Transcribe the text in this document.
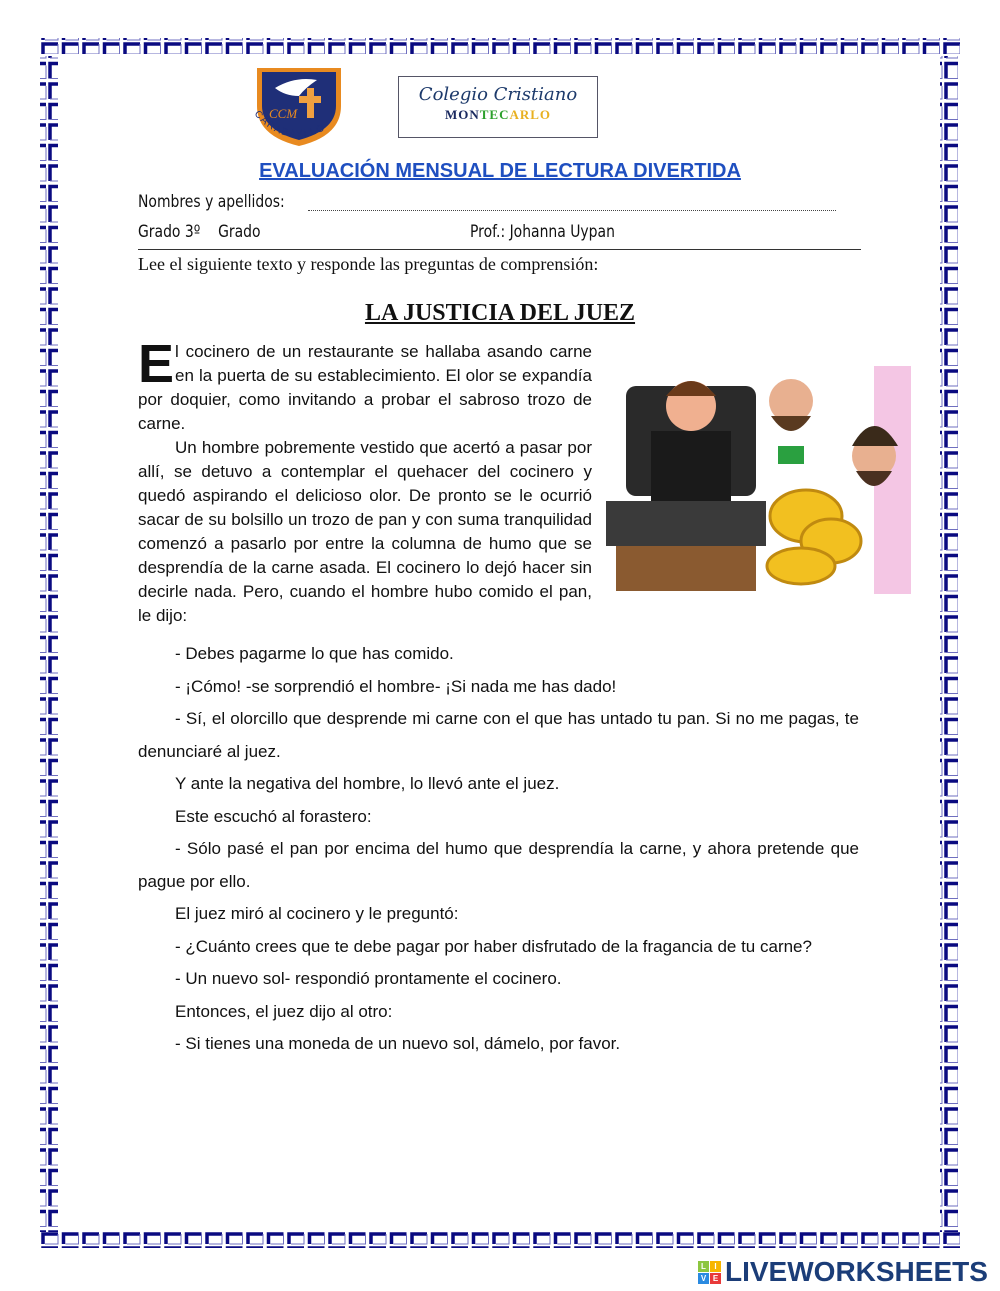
CCM
CARABAYLLO
Colegio Cristiano
MONTECARLO
EVALUACIÓN MENSUAL DE LECTURA DIVERTIDA
Nombres y apellidos:
Grado 3º Grado	Prof.: Johanna Uypan
Lee el siguiente texto y responde las preguntas de comprensión:
LA JUSTICIA DEL JUEZ

El cocinero de un restaurante se hallaba asando carne en la puerta de su establecimiento. El olor se expandía por doquier, como invitando a probar el sabroso trozo de carne.

Un hombre pobremente vestido que acertó a pasar por allí, se detuvo a contemplar el quehacer del cocinero y quedó aspirando el delicioso olor. De pronto se le ocurrió sacar de su bolsillo un trozo de pan y con suma tranquilidad comenzó a pasarlo por entre la columna de humo que se desprendía de la carne asada. El cocinero lo dejó hacer sin decirle nada. Pero, cuando el hombre hubo comido el pan, le dijo:

- Debes pagarme lo que has comido.

- ¡Cómo! -se sorprendió el hombre- ¡Si nada me has dado!

- Sí, el olorcillo que desprende mi carne con el que has untado tu pan. Si no me pagas, te denunciaré al juez.

Y ante la negativa del hombre, lo llevó ante el juez.

Este escuchó al forastero:

- Sólo pasé el pan por encima del humo que desprendía la carne, y ahora pretende que pague por ello.

El juez miró al cocinero y le preguntó:

- ¿Cuánto crees que te debe pagar por haber disfrutado de la fragancia de tu carne?

- Un nuevo sol- respondió prontamente el cocinero.

Entonces, el juez dijo al otro:

- Si tienes una moneda de un nuevo sol, dámelo, por favor.

L	I
V E LIVEWORKSHEETS
